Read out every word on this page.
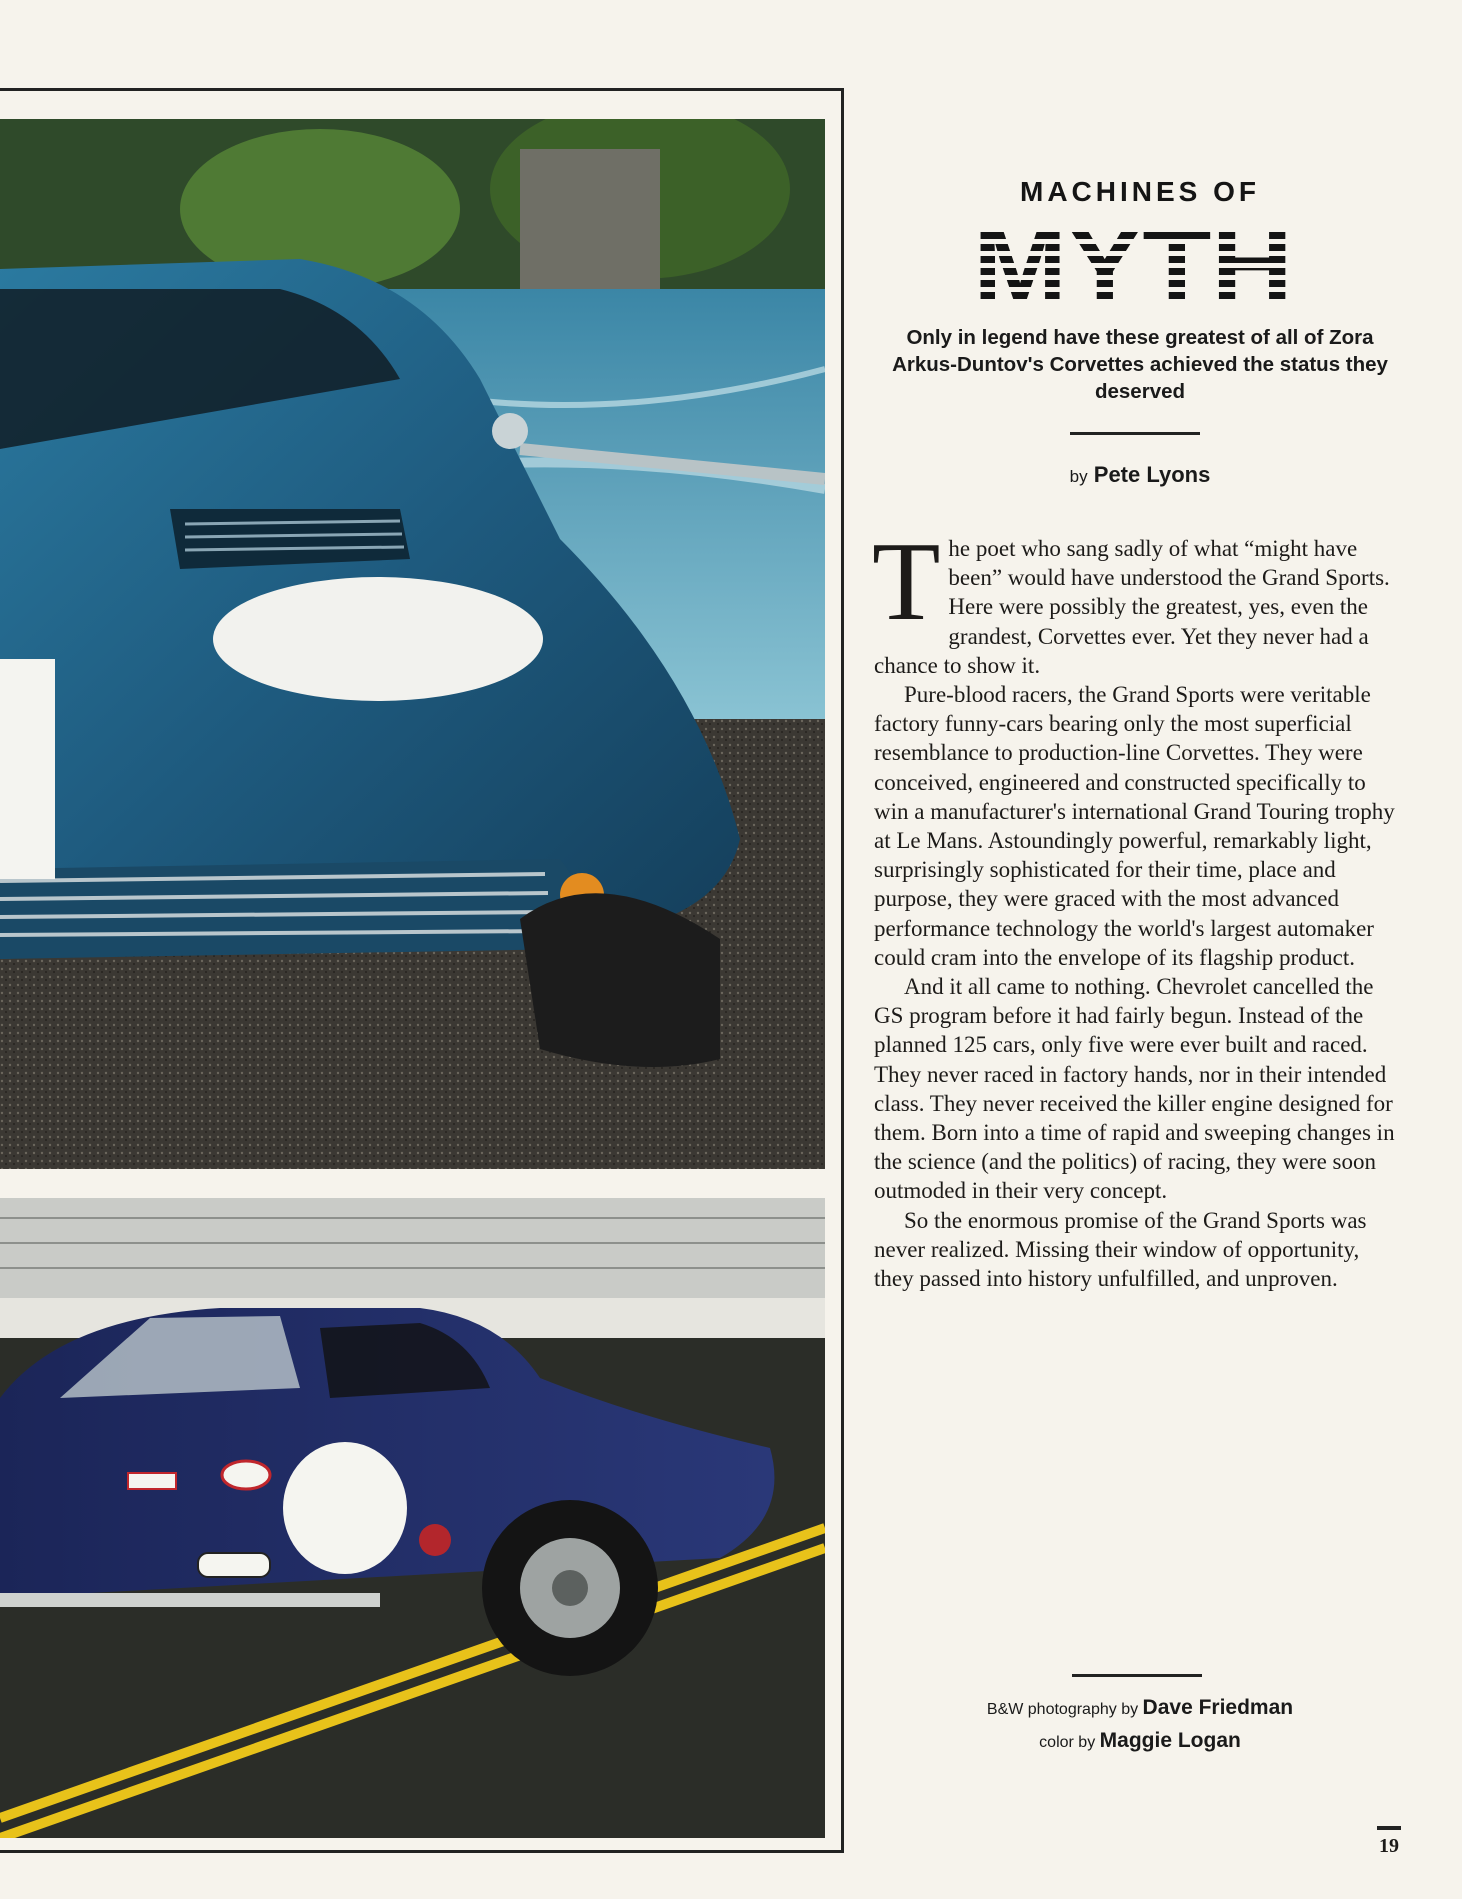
MACHINES OF
Only in legend have these greatest of all of Zora Arkus-Duntov's Corvettes achieved the status they deserved
by Pete Lyons

The poet who sang sadly of what “might have been” would have understood the Grand Sports. Here were possibly the greatest, yes, even the grandest, Corvettes ever. Yet they never had a chance to show it.

Pure-blood racers, the Grand Sports were veritable factory funny-cars bearing only the most superficial resemblance to production-line Corvettes. They were conceived, engineered and constructed specifically to win a manufacturer's international Grand Touring trophy at Le Mans. Astoundingly powerful, remarkably light, surprisingly sophisticated for their time, place and purpose, they were graced with the most advanced performance technology the world's largest automaker could cram into the envelope of its flagship product.

And it all came to nothing. Chevrolet cancelled the GS program before it had fairly begun. Instead of the planned 125 cars, only five were ever built and raced. They never raced in factory hands, nor in their intended class. They never received the killer engine designed for them. Born into a time of rapid and sweeping changes in the science (and the politics) of racing, they were soon outmoded in their very concept.

So the enormous promise of the Grand Sports was never realized. Missing their window of opportunity, they passed into history unfulfilled, and unproven.

B&W photography by Dave Friedman
color by Maggie Logan
19
